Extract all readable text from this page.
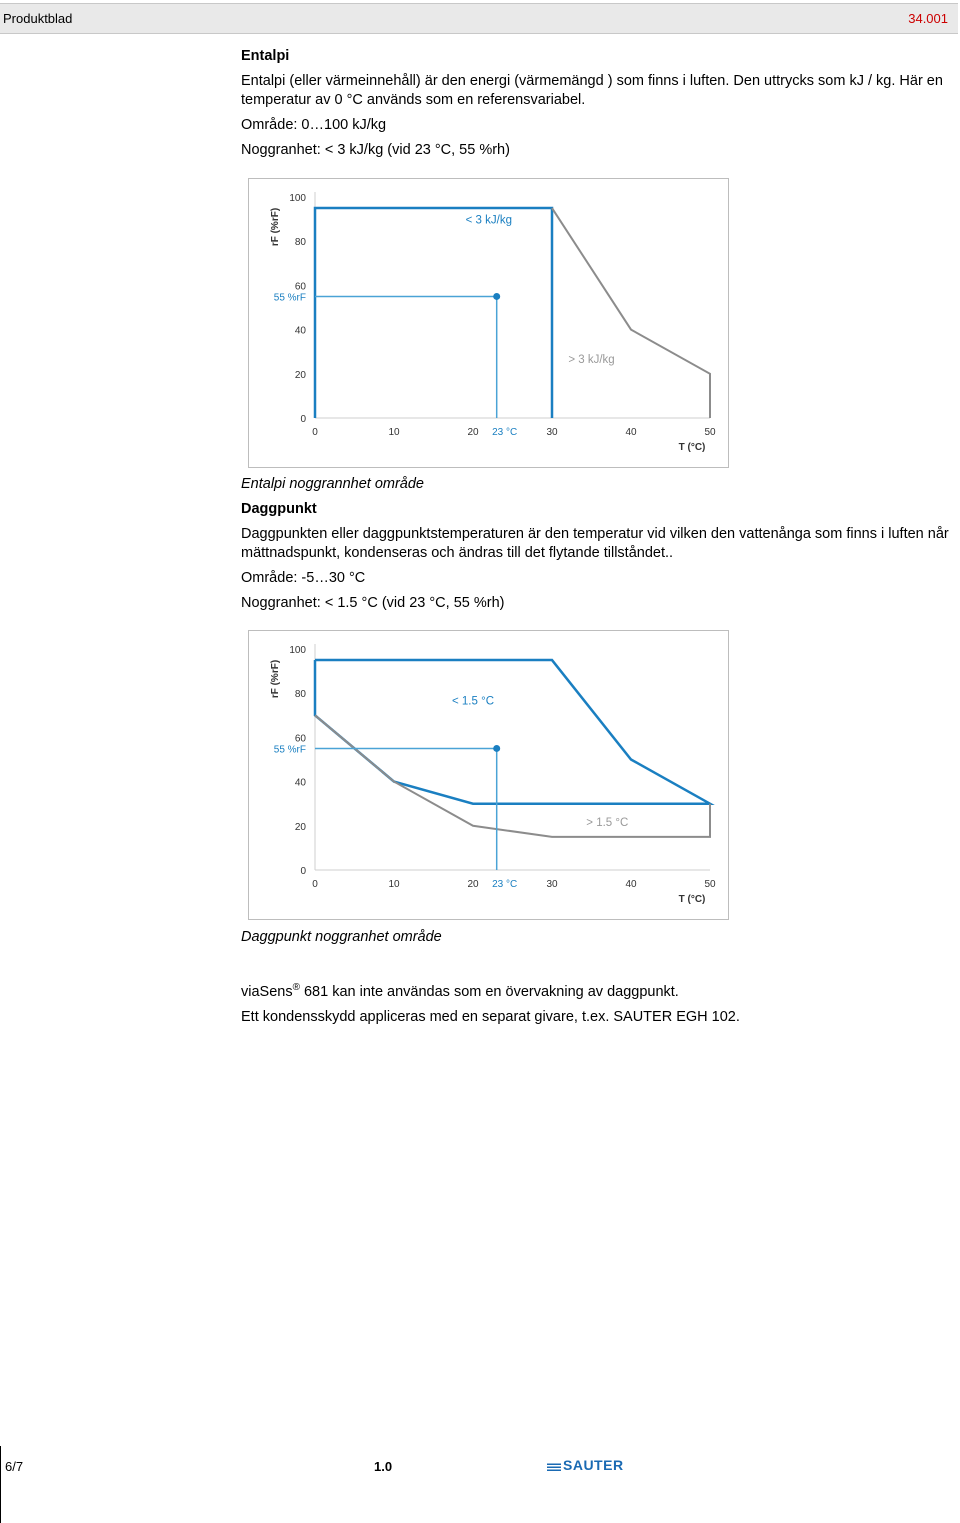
Produktblad	34.001

Entalpi

Entalpi (eller värmeinnehåll) är den energi (värmemängd ) som finns i luften. Den uttrycks som kJ / kg. Här en temperatur av 0 °C används som en referensvariabel.

Område: 0…100 kJ/kg

Noggranhet: < 3 kJ/kg (vid 23 °C, 55 %rh)

0
20
40
60
80
100
0	10	20	30	40	50
rF (%rF)
T (°C)
55 %rF
23 °C
< 3 kJ/kg
> 3 kJ/kg

Entalpi noggrannhet område

Daggpunkt

Daggpunkten eller daggpunktstemperaturen är den temperatur vid vilken den vattenånga som finns i luften når mättnadspunkt, kondenseras och ändras till det flytande tillståndet..

Område: -5…30 °C

Noggranhet: < 1.5 °C (vid 23 °C, 55 %rh)

0
20
40
60
80
100
0	10	20	30	40	50
rF (%rF)
T (°C)
55 %rF
23 °C
< 1.5 °C
> 1.5 °C

Daggpunkt noggranhet område

viaSens® 681 kan inte användas som en övervakning av daggpunkt.

Ett kondensskydd appliceras med en separat givare, t.ex. SAUTER EGH 102.

6/7	1.0	SAUTER
